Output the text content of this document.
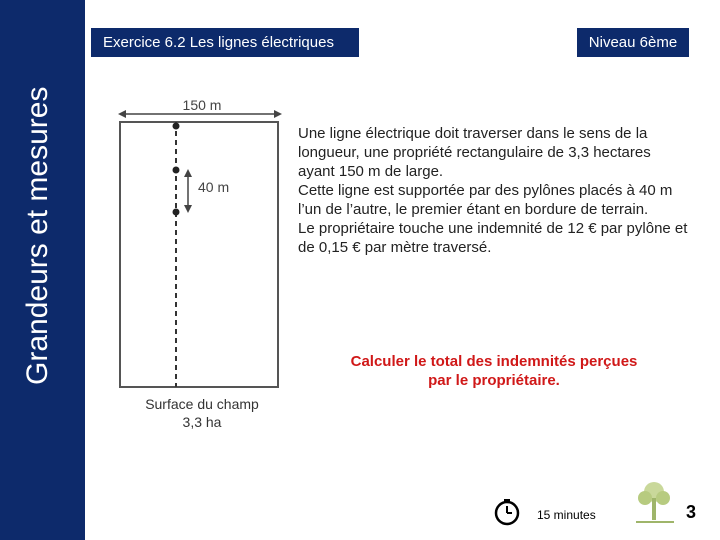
Grandeurs et mesures
Exercice 6.2 Les lignes électriques	Niveau 6ème
150 m
40 m
Surface du champ
3,3 ha

Une ligne électrique doit traverser dans le sens de la longueur, une propriété rectangulaire de 3,3 hectares ayant 150 m de large.

Cette ligne est supportée par des pylônes placés à 40 m l’un de l’autre, le premier étant en bordure de terrain.

Le propriétaire touche une indemnité de 12 € par pylône et de 0,15 € par mètre traversé.

Calculer le total des indemnités perçues
par le propriétaire.
15 minutes	3
